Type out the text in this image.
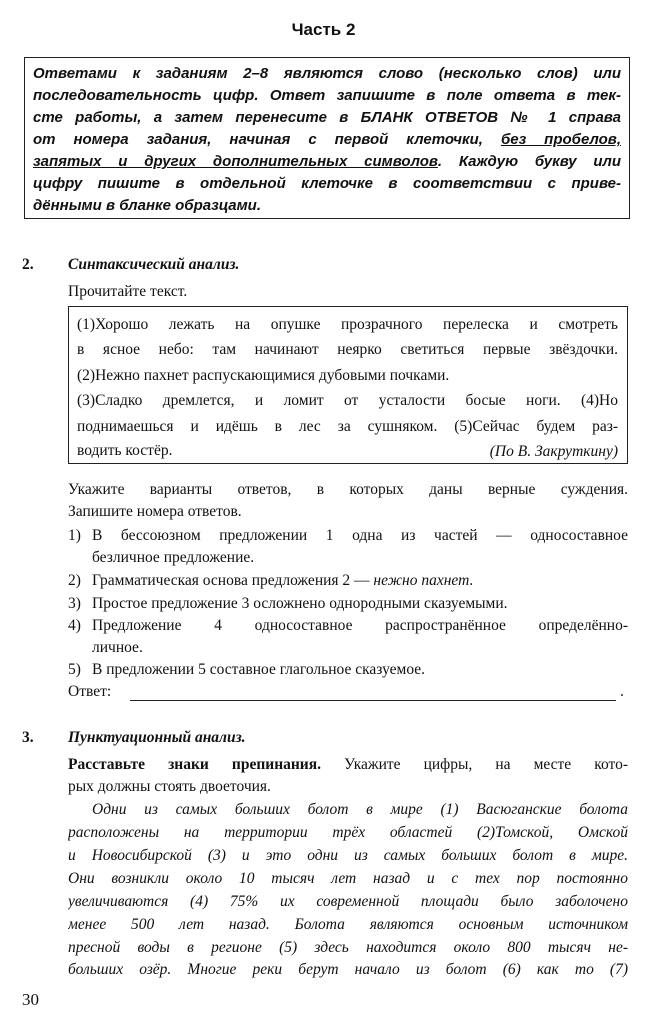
Часть 2
Ответами к заданиям 2–8 являются слово (несколько слов) или
последовательность цифр. Ответ запишите в поле ответа в тек-
сте работы, а затем перенесите в БЛАНК ОТВЕТОВ № 1 справа
от номера задания, начиная с первой клеточки, без пробелов,
запятых и других дополнительных символов. Каждую букву или
цифру пишите в отдельной клеточке в соответствии с приве-
дёнными в бланке образцами.
2.	Синтаксический анализ.
Прочитайте текст.
(1)Хорошо лежать на опушке прозрачного перелеска и смотреть
в ясное небо: там начинают неярко светиться первые звёздочки.
(2)Нежно пахнет распускающимися дубовыми почками.
(3)Сладко дремлется, и ломит от усталости босые ноги. (4)Но
поднимаешься и идёшь в лес за сушняком. (5)Сейчас будем раз-
водить костёр.	(По В. Закруткину)
Укажите варианты ответов, в которых даны верные суждения.
Запишите номера ответов.
1) В бессоюзном предложении 1 одна из частей — односоставное
безличное предложение.
2) Грамматическая основа предложения 2 — нежно пахнет.
3) Простое предложение 3 осложнено однородными сказуемыми.
4) Предложение 4 односоставное распространённое определённо-
личное.
5) В предложении 5 составное глагольное сказуемое.
Ответ:	.
3.	Пунктуационный анализ.
Расставьте знаки препинания. Укажите цифры, на месте кото-
рых должны стоять двоеточия.
Одни из самых больших болот в мире (1) Васюганские болота
расположены на территории трёх областей (2)Томской, Омской
и Новосибирской (3) и это одни из самых больших болот в мире.
Они возникли около 10 тысяч лет назад и с тех пор постоянно
увеличиваются (4) 75% их современной площади было заболочено
менее 500 лет назад. Болота являются основным источником
пресной воды в регионе (5) здесь находится около 800 тысяч не-
больших озёр. Многие реки берут начало из болот (6) как то (7)
30
